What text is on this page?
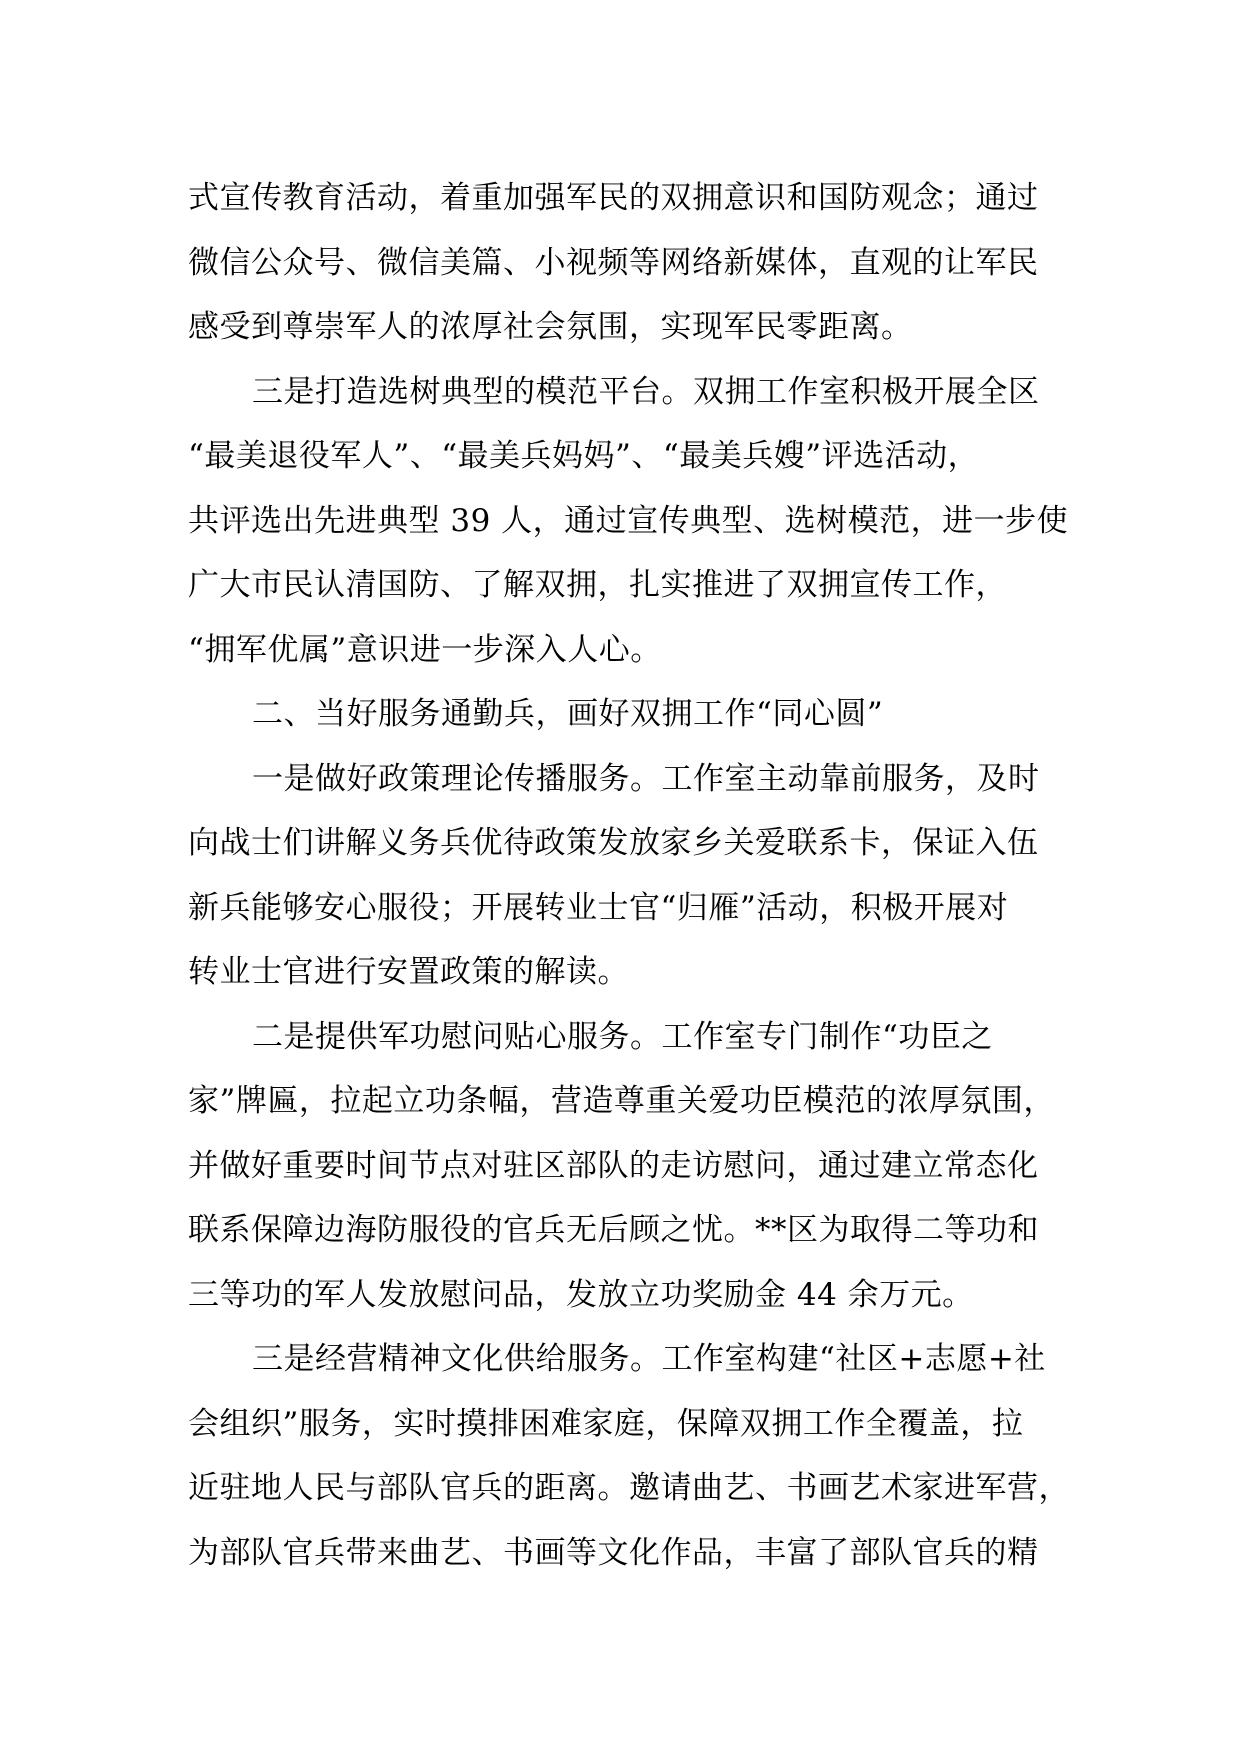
式宣传教育活动，着重加强军民的双拥意识和国防观念；通过
微信公众号、微信美篇、小视频等网络新媒体，直观的让军民
感受到尊崇军人的浓厚社会氛围，实现军民零距离。
三是打造选树典型的模范平台。双拥工作室积极开展全区
“最美退役军人”、“最美兵妈妈”、“最美兵嫂”评选活动，
共评选出先进典型 39 人，通过宣传典型、选树模范，进一步使
广大市民认清国防、了解双拥，扎实推进了双拥宣传工作，
“拥军优属”意识进一步深入人心。
二、当好服务通勤兵，画好双拥工作“同心圆”
一是做好政策理论传播服务。工作室主动靠前服务，及时
向战士们讲解义务兵优待政策发放家乡关爱联系卡，保证入伍
新兵能够安心服役；开展转业士官“归雁”活动，积极开展对
转业士官进行安置政策的解读。
二是提供军功慰问贴心服务。工作室专门制作“功臣之
家”牌匾，拉起立功条幅，营造尊重关爱功臣模范的浓厚氛围，
并做好重要时间节点对驻区部队的走访慰问，通过建立常态化
联系保障边海防服役的官兵无后顾之忧。**区为取得二等功和
三等功的军人发放慰问品，发放立功奖励金 44 余万元。
三是经营精神文化供给服务。工作室构建“社区+志愿+社
会组织”服务，实时摸排困难家庭，保障双拥工作全覆盖，拉
近驻地人民与部队官兵的距离。邀请曲艺、书画艺术家进军营，
为部队官兵带来曲艺、书画等文化作品，丰富了部队官兵的精
